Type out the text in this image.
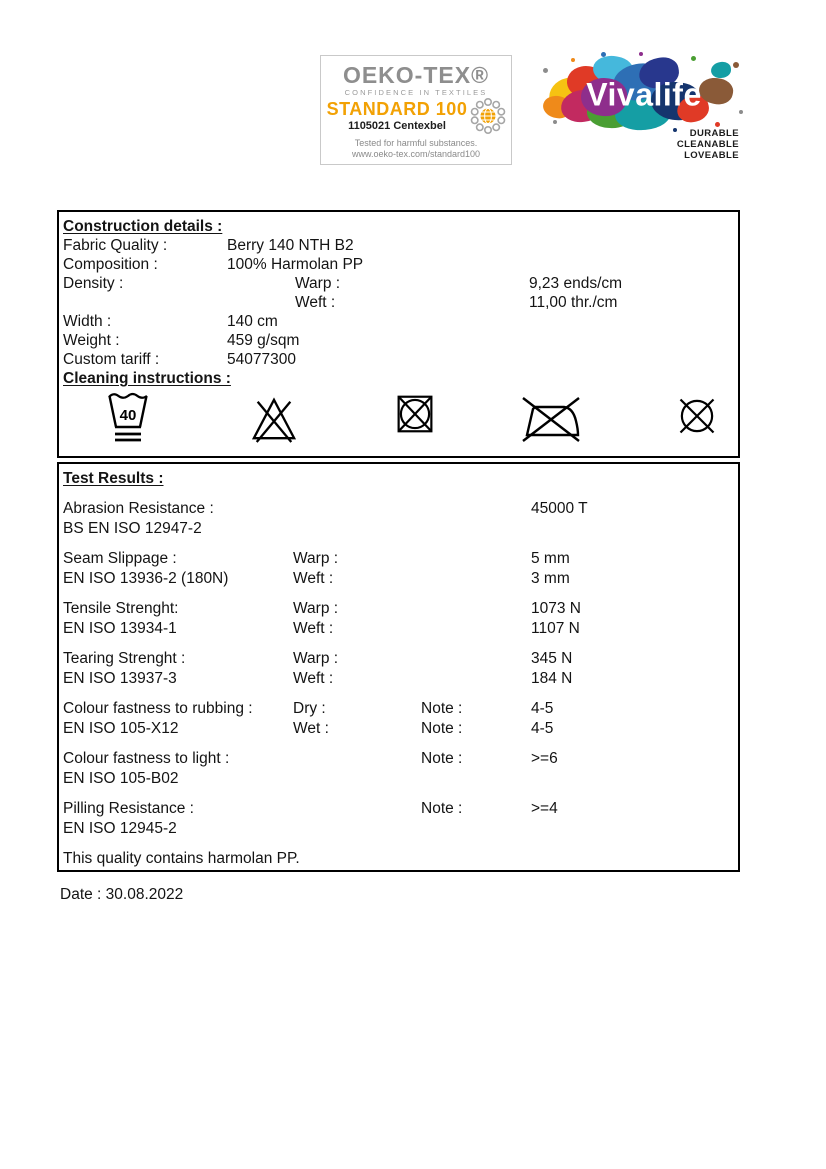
OEKO-TEX®
CONFIDENCE IN TEXTILES
STANDARD 100
1105021 Centexbel
Tested for harmful substances.
www.oeko-tex.com/standard100
Vivalife
DURABLE
CLEANABLE
LOVEABLE
Construction details :
Fabric Quality :	Berry 140 NTH B2
Composition :	100% Harmolan PP
Density :	Warp :	9,23 ends/cm
Weft :	11,00 thr./cm
Width :	140 cm
Weight :	459 g/sqm
Custom tariff :	54077300
Cleaning instructions :
40
Test Results :
Abrasion Resistance :	45000 T
BS EN ISO 12947-2
Seam Slippage :	Warp :	5 mm
EN ISO 13936-2 (180N)	Weft :	3 mm
Tensile Strenght:	Warp :	1073 N
EN ISO 13934-1	Weft :	1107 N
Tearing Strenght :	Warp :	345 N
EN ISO 13937-3	Weft :	184 N
Colour fastness to rubbing :	Dry :	Note :	4-5
EN ISO 105-X12	Wet :	Note :	4-5
Colour fastness to light :	Note :	>=6
EN ISO 105-B02
Pilling Resistance :	Note :	>=4
EN ISO 12945-2
This quality contains harmolan PP.
Date : 30.08.2022
